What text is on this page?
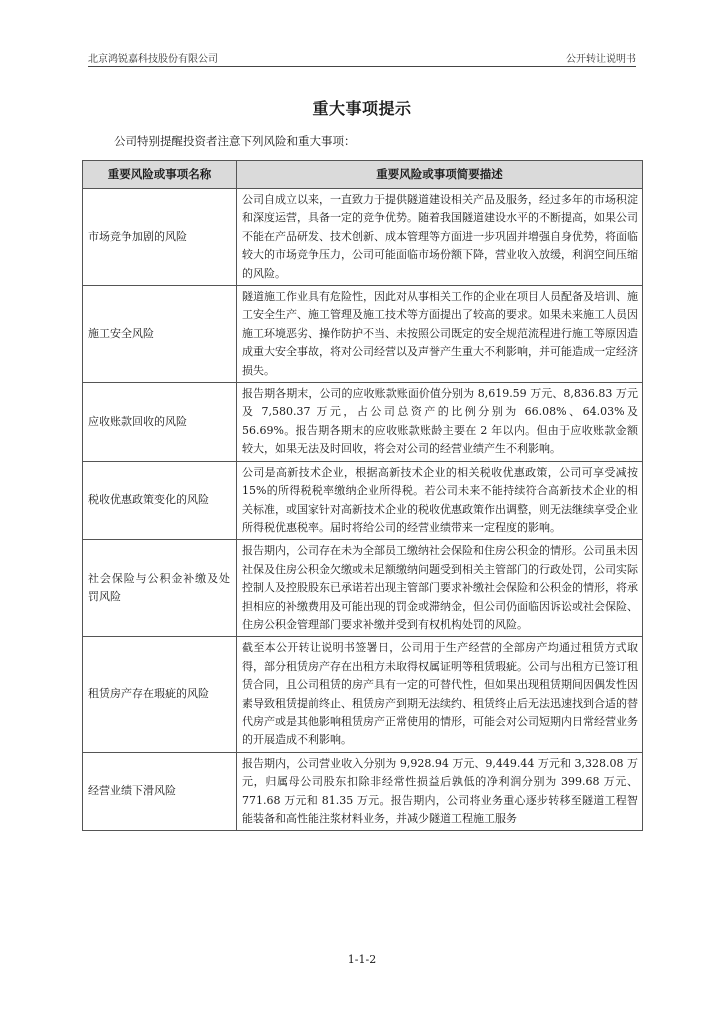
北京鸿锐嘉科技股份有限公司	公开转让说明书
重大事项提示
公司特别提醒投资者注意下列风险和重大事项：
重要风险或事项名称	重要风险或事项简要描述
市场竞争加剧的风险	公司自成立以来，一直致力于提供隧道建设相关产品及服务，经过多年的市场积淀和深度运营，具备一定的竞争优势。随着我国隧道建设水平的不断提高，如果公司不能在产品研发、技术创新、成本管理等方面进一步巩固并增强自身优势，将面临较大的市场竞争压力，公司可能面临市场份额下降，营业收入放缓，利润空间压缩的风险。
施工安全风险	隧道施工作业具有危险性，因此对从事相关工作的企业在项目人员配备及培训、施工安全生产、施工管理及施工技术等方面提出了较高的要求。如果未来施工人员因施工环境恶劣、操作防护不当、未按照公司既定的安全规范流程进行施工等原因造成重大安全事故，将对公司经营以及声誉产生重大不利影响，并可能造成一定经济损失。
应收账款回收的风险	报告期各期末，公司的应收账款账面价值分别为 8,619.59 万元、8,836.83 万元及 7,580.37 万元，占公司总资产的比例分别为 66.08%、64.03%及 56.69%。报告期各期末的应收账款账龄主要在 2 年以内。但由于应收账款金额较大，如果无法及时回收，将会对公司的经营业绩产生不利影响。
税收优惠政策变化的风险	公司是高新技术企业，根据高新技术企业的相关税收优惠政策，公司可享受减按 15%的所得税税率缴纳企业所得税。若公司未来不能持续符合高新技术企业的相关标准，或国家针对高新技术企业的税收优惠政策作出调整，则无法继续享受企业所得税优惠税率。届时将给公司的经营业绩带来一定程度的影响。
社会保险与公积金补缴及处罚风险	报告期内，公司存在未为全部员工缴纳社会保险和住房公积金的情形。公司虽未因社保及住房公积金欠缴或未足额缴纳问题受到相关主管部门的行政处罚，公司实际控制人及控股股东已承诺若出现主管部门要求补缴社会保险和公积金的情形，将承担相应的补缴费用及可能出现的罚金或滞纳金，但公司仍面临因诉讼或社会保险、住房公积金管理部门要求补缴并受到有权机构处罚的风险。
租赁房产存在瑕疵的风险	截至本公开转让说明书签署日，公司用于生产经营的全部房产均通过租赁方式取得，部分租赁房产存在出租方未取得权属证明等租赁瑕疵。公司与出租方已签订租赁合同，且公司租赁的房产具有一定的可替代性，但如果出现租赁期间因偶发性因素导致租赁提前终止、租赁房产到期无法续约、租赁终止后无法迅速找到合适的替代房产或是其他影响租赁房产正常使用的情形，可能会对公司短期内日常经营业务的开展造成不利影响。
经营业绩下滑风险	报告期内，公司营业收入分别为 9,928.94 万元、9,449.44 万元和 3,328.08 万元，归属母公司股东扣除非经常性损益后孰低的净利润分别为 399.68 万元、771.68 万元和 81.35 万元。报告期内，公司将业务重心逐步转移至隧道工程智能装备和高性能注浆材料业务，并减少隧道工程施工服务
1-1-2
